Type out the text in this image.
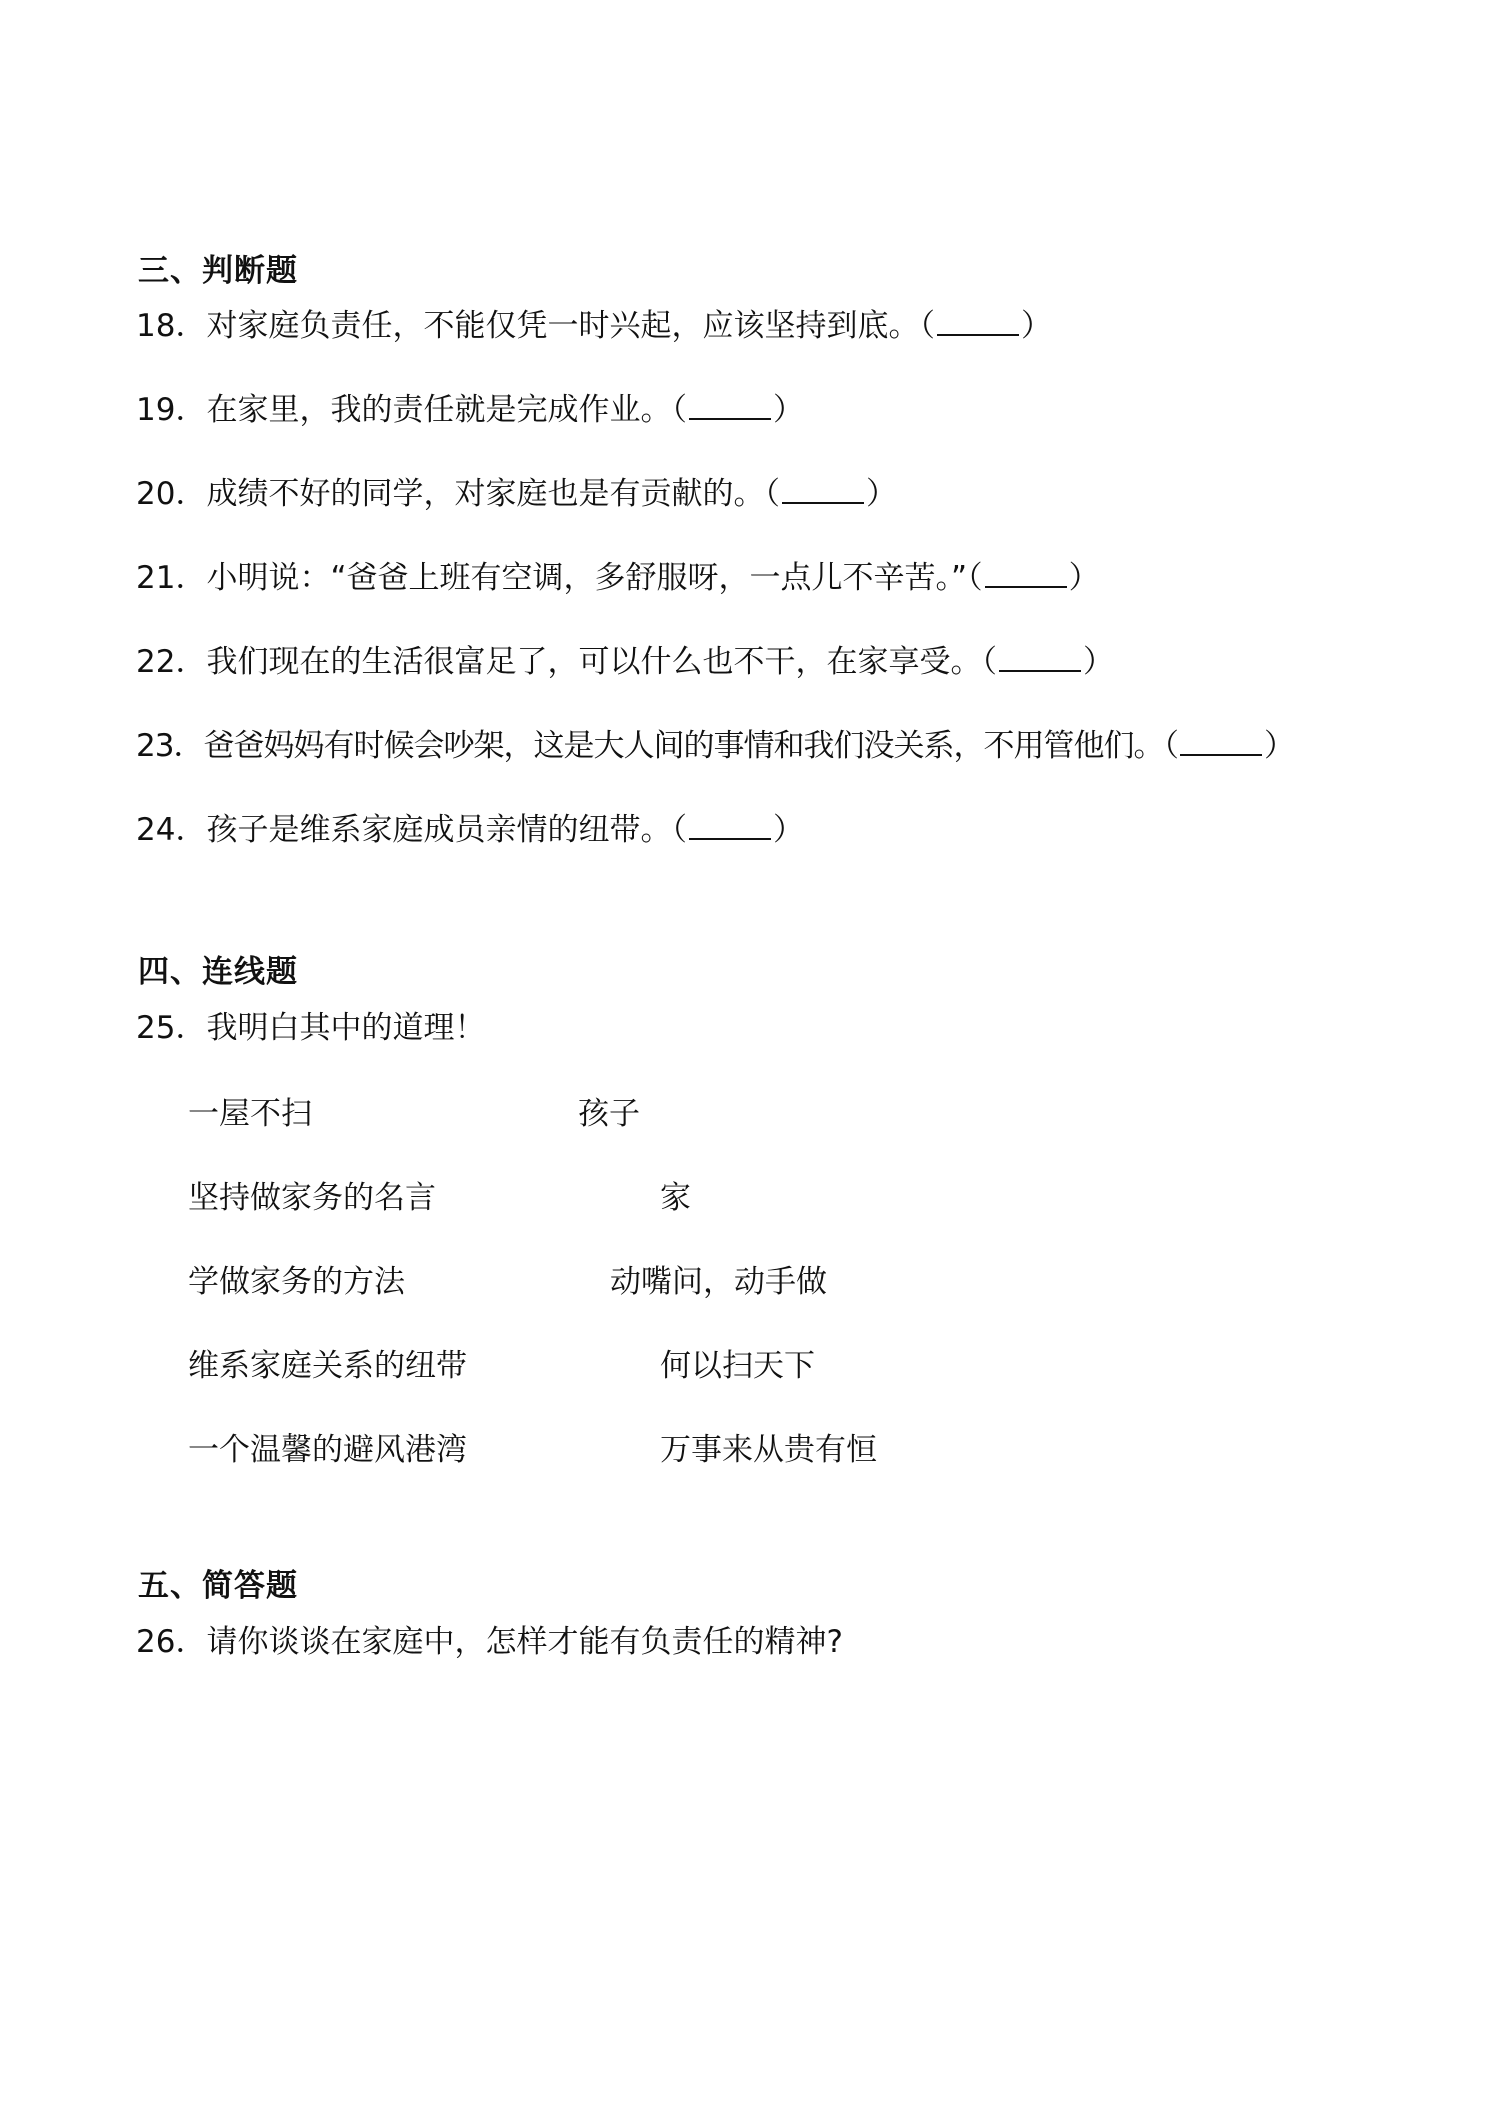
三、判断题
18．对家庭负责任，不能仅凭一时兴起，应该坚持到底。（	）
19．在家里，我的责任就是完成作业。（	）
20．成绩不好的同学，对家庭也是有贡献的。（	）
21．小明说：“爸爸上班有空调，多舒服呀，一点儿不辛苦。”（	）
22．我们现在的生活很富足了，可以什么也不干，在家享受。（	）
23．爸爸妈妈有时候会吵架，这是大人间的事情和我们没关系，不用管他们。（	）
24．孩子是维系家庭成员亲情的纽带。（	）
四、连线题
25．我明白其中的道理！
一屋不扫
坚持做家务的名言
学做家务的方法
维系家庭关系的纽带
一个温馨的避风港湾
孩子
家
动嘴问，动手做
何以扫天下
万事来从贵有恒
五、简答题
26．请你谈谈在家庭中，怎样才能有负责任的精神?
